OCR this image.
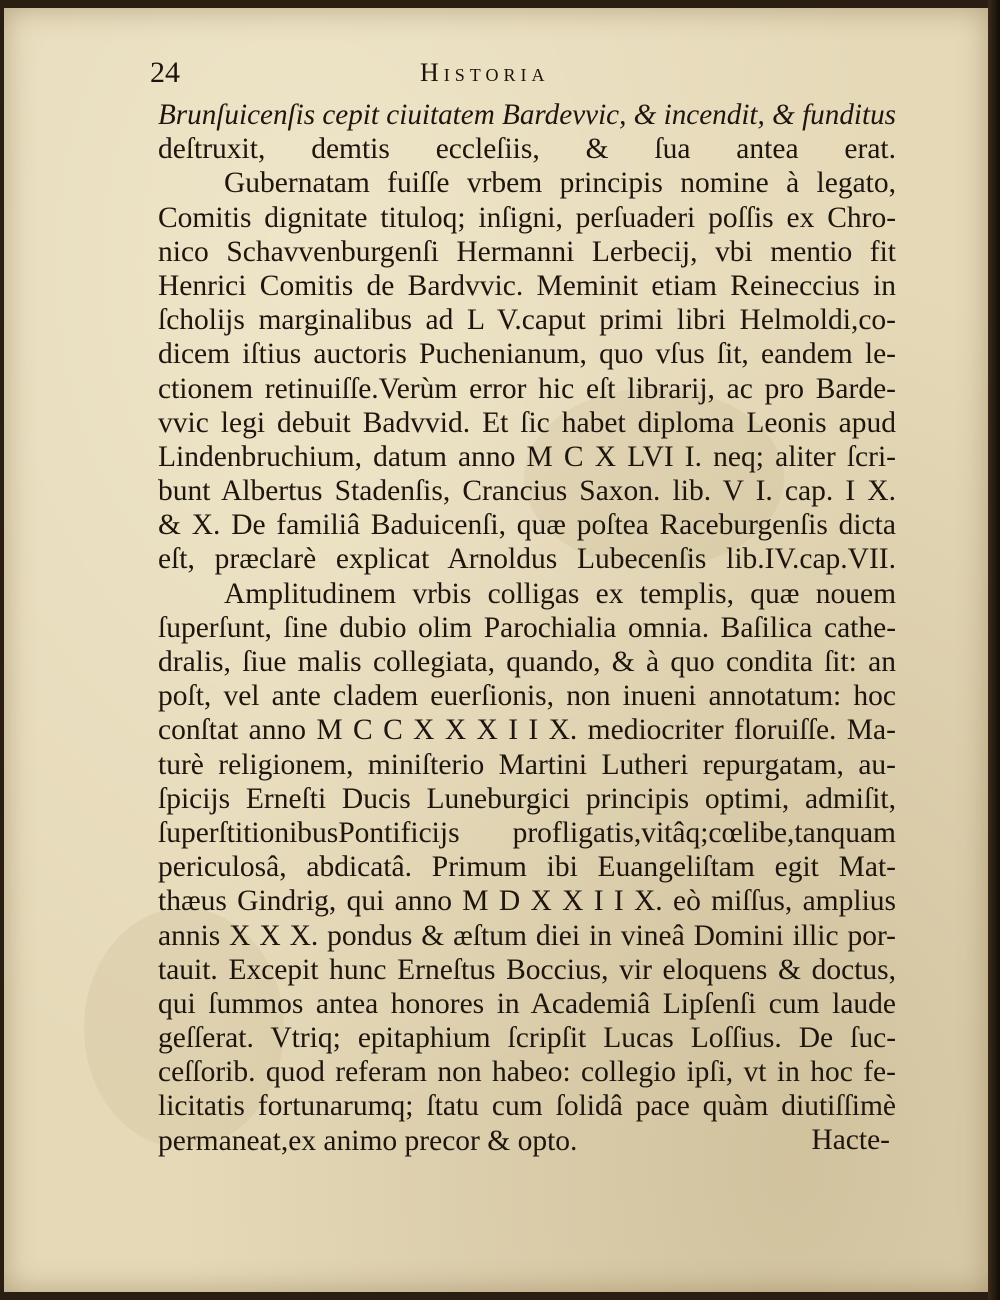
24	Historia
Brunſuicenſis cepit ciuitatem Bardevvic, & incendit, & funditus
deſtruxit, demtis eccleſiis, & ſua antea erat.
Gubernatam fuiſſe vrbem principis nomine à legato,
Comitis dignitate tituloq; inſigni, perſuaderi poſſis ex Chro-
nico Schavvenburgenſi Hermanni Lerbecij, vbi mentio fit
Henrici Comitis de Bardvvic. Meminit etiam Reineccius in
ſcholijs marginalibus ad L V.caput primi libri Helmoldi,co-
dicem iſtius auctoris Puchenianum, quo vſus ſit, eandem le-
ctionem retinuiſſe.Verùm error hic eſt librarij, ac pro Barde-
vvic legi debuit Badvvid. Et ſic habet diploma Leonis apud
Lindenbruchium, datum anno M C X LVI I. neq; aliter ſcri-
bunt Albertus Stadenſis, Crancius Saxon. lib. V I. cap. I X.
& X. De familiâ Baduicenſi, quæ poſtea Raceburgenſis dicta
eſt, præclarè explicat Arnoldus Lubecenſis lib.IV.cap.VII.
Amplitudinem vrbis colligas ex templis, quæ nouem
ſuperſunt, ſine dubio olim Parochialia omnia. Baſilica cathe-
dralis, ſiue malis collegiata, quando, & à quo condita ſit: an
poſt, vel ante cladem euerſionis, non inueni annotatum: hoc
conſtat anno M C C X X X I I X. mediocriter floruiſſe. Ma-
turè religionem, miniſterio Martini Lutheri repurgatam, au-
ſpicijs Erneſti Ducis Luneburgici principis optimi, admiſit,
ſuperſtitionibusPontificijs profligatis,vitâq;cœlibe,tanquam
periculosâ, abdicatâ. Primum ibi Euangeliſtam egit Mat-
thæus Gindrig, qui anno M D X X I I X. eò miſſus, amplius
annis X X X. pondus & æſtum diei in vineâ Domini illic por-
tauit. Excepit hunc Erneſtus Boccius, vir eloquens & doctus,
qui ſummos antea honores in Academiâ Lipſenſi cum laude
geſſerat. Vtriq; epitaphium ſcripſit Lucas Loſſius. De ſuc-
ceſſorib. quod referam non habeo: collegio ipſi, vt in hoc fe-
licitatis fortunarumq; ſtatu cum ſolidâ pace quàm diutiſſimè
permaneat,ex animo precor & opto.	Hacte-
